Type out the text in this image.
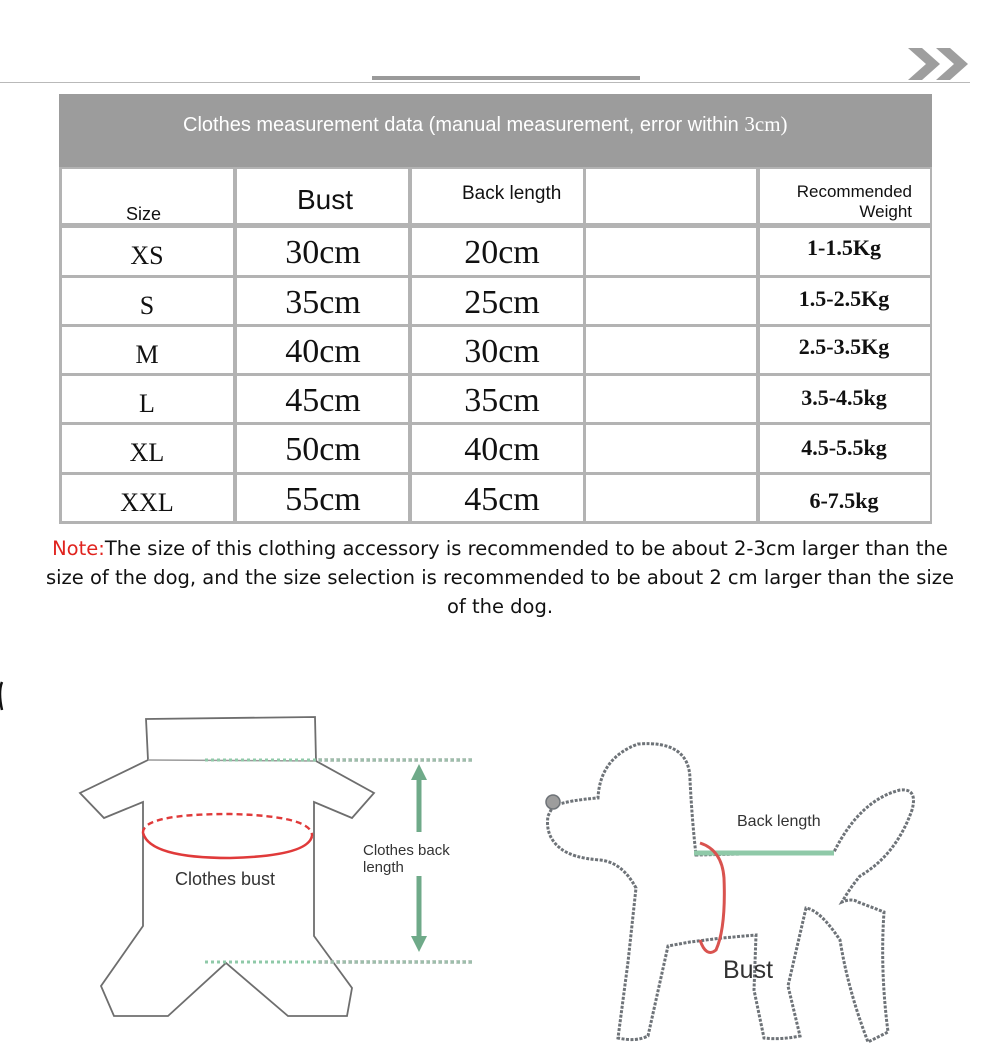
Clothes measurement data (manual measurement, error within 3cm)
Size	Bust	Back length	Recommended
Weight
XS	30cm	20cm	1-1.5Kg
S	35cm	25cm	1.5-2.5Kg
M	40cm	30cm	2.5-3.5Kg
L	45cm	35cm	3.5-4.5kg
XL	50cm	40cm	4.5-5.5kg
XXL	55cm	45cm	6-7.5kg
Note:The size of this clothing accessory is recommended to be about 2-3cm larger than the size of the dog, and the size selection is recommended to be about 2 cm larger than the size of the dog.
Clothes bust
Clothes back
length
Back length
Bust
